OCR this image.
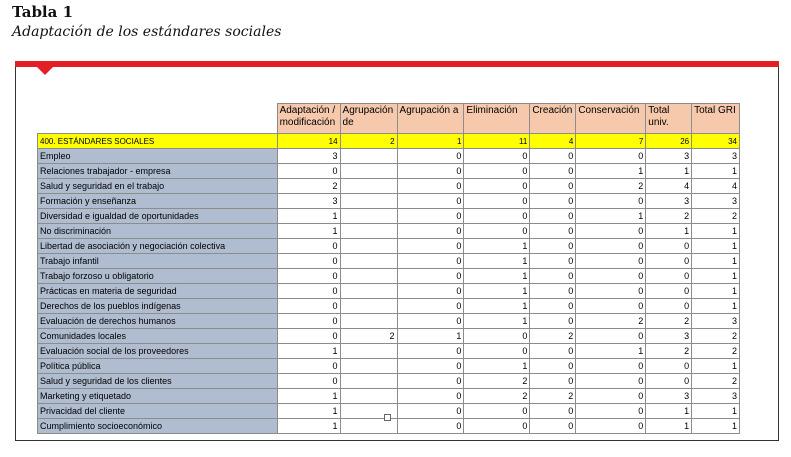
Tabla 1
Adaptación de los estándares sociales
	Adaptación / modificación	Agrupación de	Agrupación a	Eliminación	Creación	Conservación	Total univ.	Total GRI
400. ESTÁNDARES SOCIALES	14	2	1	11	4	7	26	34
Empleo	3		0	0	0	0	3	3
Relaciones trabajador - empresa	0		0	0	0	1	1	1
Salud y seguridad en el trabajo	2		0	0	0	2	4	4
Formación y enseñanza	3		0	0	0	0	3	3
Diversidad e igualdad de oportunidades	1		0	0	0	1	2	2
No discriminación	1		0	0	0	0	1	1
Libertad de asociación y negociación colectiva	0		0	1	0	0	0	1
Trabajo infantil	0		0	1	0	0	0	1
Trabajo forzoso u obligatorio	0		0	1	0	0	0	1
Prácticas en materia de seguridad	0		0	1	0	0	0	1
Derechos de los pueblos indígenas	0		0	1	0	0	0	1
Evaluación de derechos humanos	0		0	1	0	2	2	3
Comunidades locales	0	2	1	0	2	0	3	2
Evaluación social de los proveedores	1		0	0	0	1	2	2
Política pública	0		0	1	0	0	0	1
Salud y seguridad de los clientes	0		0	2	0	0	0	2
Marketing y etiquetado	1		0	2	2	0	3	3
Privacidad del cliente	1		0	0	0	0	1	1
Cumplimiento socioeconómico	1		0	0	0	0	1	1
